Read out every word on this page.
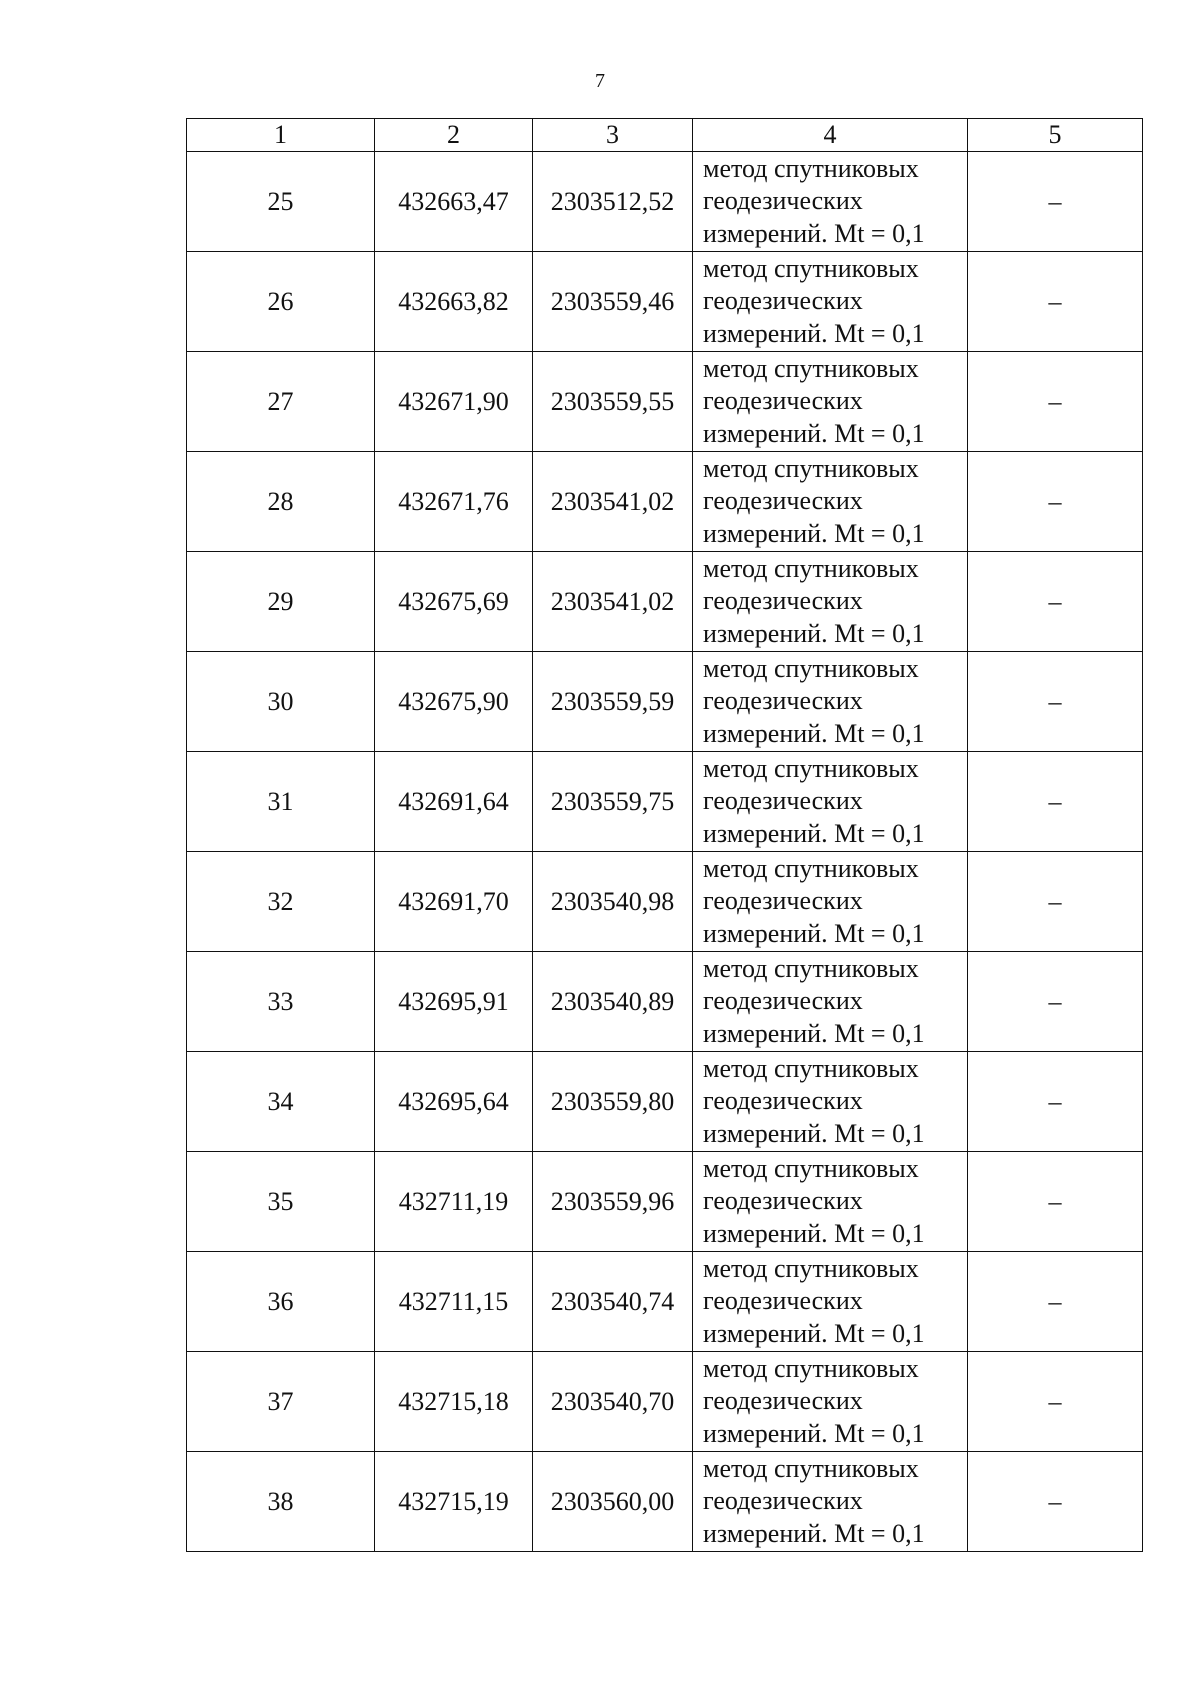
7
1	2	3	4	5
25	432663,47	2303512,52	метод спутниковых
геодезических
измерений. Mt = 0,1	–
26	432663,82	2303559,46	метод спутниковых
геодезических
измерений. Mt = 0,1	–
27	432671,90	2303559,55	метод спутниковых
геодезических
измерений. Mt = 0,1	–
28	432671,76	2303541,02	метод спутниковых
геодезических
измерений. Mt = 0,1	–
29	432675,69	2303541,02	метод спутниковых
геодезических
измерений. Mt = 0,1	–
30	432675,90	2303559,59	метод спутниковых
геодезических
измерений. Mt = 0,1	–
31	432691,64	2303559,75	метод спутниковых
геодезических
измерений. Mt = 0,1	–
32	432691,70	2303540,98	метод спутниковых
геодезических
измерений. Mt = 0,1	–
33	432695,91	2303540,89	метод спутниковых
геодезических
измерений. Mt = 0,1	–
34	432695,64	2303559,80	метод спутниковых
геодезических
измерений. Mt = 0,1	–
35	432711,19	2303559,96	метод спутниковых
геодезических
измерений. Mt = 0,1	–
36	432711,15	2303540,74	метод спутниковых
геодезических
измерений. Mt = 0,1	–
37	432715,18	2303540,70	метод спутниковых
геодезических
измерений. Mt = 0,1	–
38	432715,19	2303560,00	метод спутниковых
геодезических
измерений. Mt = 0,1	–
